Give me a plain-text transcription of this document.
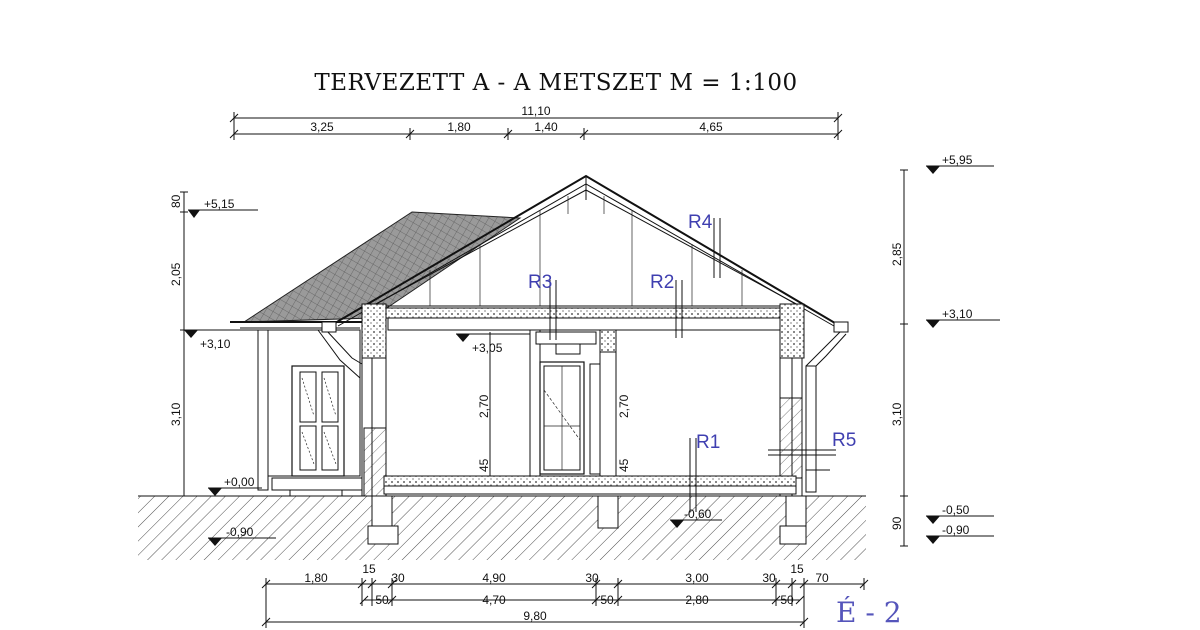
TERVEZETT A - A METSZET M = 1:100
11,10
3,25	1,80	1,40	4,65
R3	R2
R4
R1	R5
2,70
45
2,70
45
80
2,05
3,10
2,85
3,10
90
+5,15
+3,10	+3,05
+0,00
-0,90
-0,60
+5,95
+3,10
-0,50
-0,90
1,80
15
30	4,90	30	3,00	30
15
70
50	4,70	50	2,80	50
9,80	É - 2
